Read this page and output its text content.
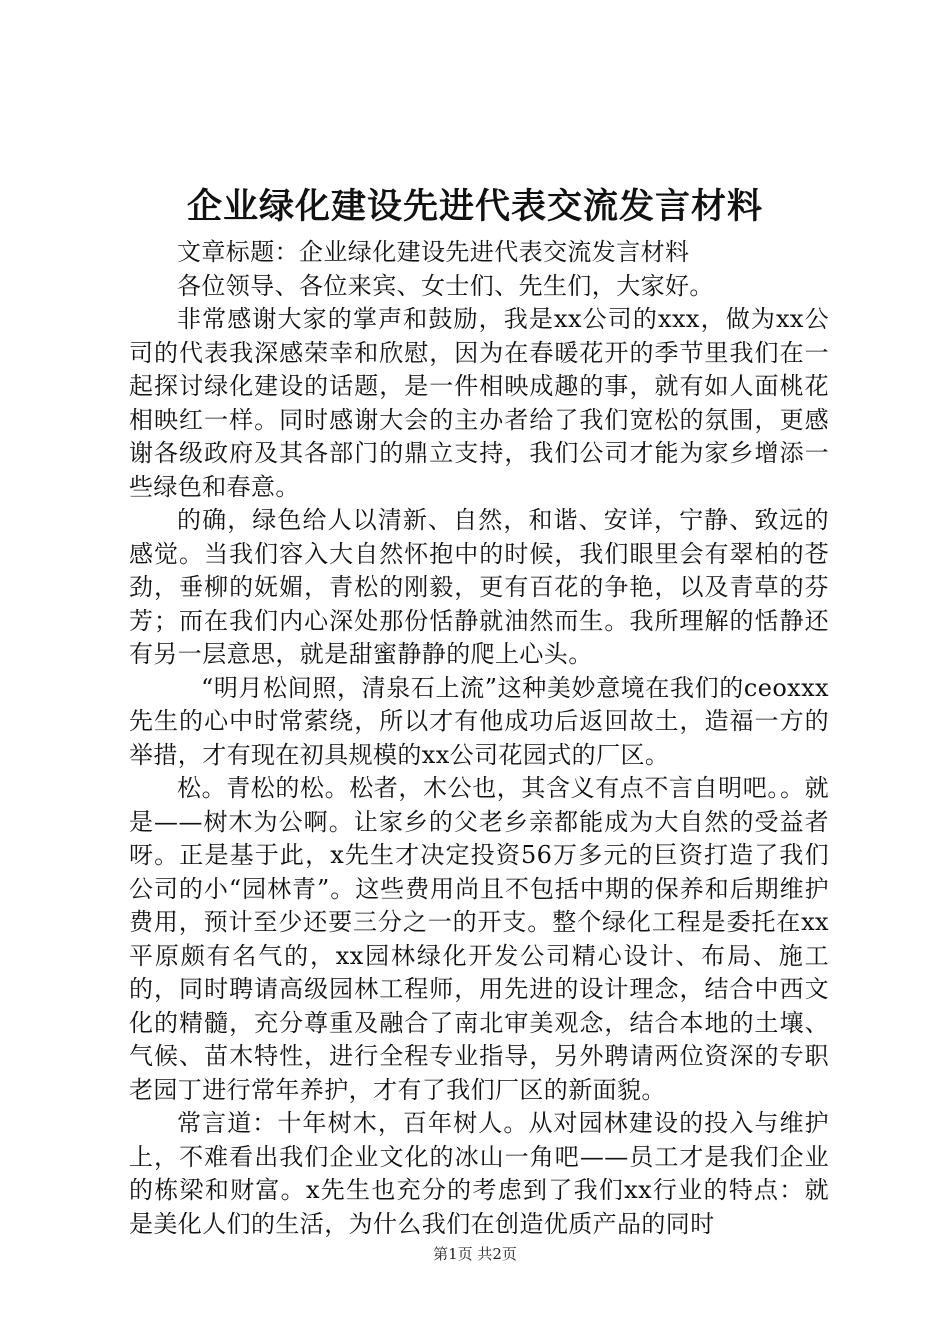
企业绿化建设先进代表交流发言材料

文章标题：企业绿化建设先进代表交流发言材料

各位领导、各位来宾、女士们、先生们，大家好。

非常感谢大家的掌声和鼓励，我是xx公司的xxx，做为xx公司的代表我深感荣幸和欣慰，因为在春暖花开的季节里我们在一起探讨绿化建设的话题，是一件相映成趣的事，就有如人面桃花相映红一样。同时感谢大会的主办者给了我们宽松的氛围，更感谢各级政府及其各部门的鼎立支持，我们公司才能为家乡增添一些绿色和春意。

的确，绿色给人以清新、自然，和谐、安详，宁静、致远的感觉。当我们容入大自然怀抱中的时候，我们眼里会有翠柏的苍劲，垂柳的妩媚，青松的刚毅，更有百花的争艳，以及青草的芬芳；而在我们内心深处那份恬静就油然而生。我所理解的恬静还有另一层意思，就是甜蜜静静的爬上心头。

“明月松间照，清泉石上流”这种美妙意境在我们的ceoxxx先生的心中时常萦绕，所以才有他成功后返回故土，造福一方的举措，才有现在初具规模的xx公司花园式的厂区。

松。青松的松。松者，木公也，其含义有点不言自明吧。。就是——树木为公啊。让家乡的父老乡亲都能成为大自然的受益者呀。正是基于此，x先生才决定投资56万多元的巨资打造了我们公司的小“园林青”。这些费用尚且不包括中期的保养和后期维护费用，预计至少还要三分之一的开支。整个绿化工程是委托在xx平原颇有名气的，xx园林绿化开发公司精心设计、布局、施工的，同时聘请高级园林工程师，用先进的设计理念，结合中西文化的精髓，充分尊重及融合了南北审美观念，结合本地的土壤、气候、苗木特性，进行全程专业指导，另外聘请两位资深的专职老园丁进行常年养护，才有了我们厂区的新面貌。

常言道：十年树木，百年树人。从对园林建设的投入与维护上，不难看出我们企业文化的冰山一角吧——员工才是我们企业的栋梁和财富。x先生也充分的考虑到了我们xx行业的特点：就是美化人们的生活，为什么我们在创造优质产品的同时

第1页 共2页
